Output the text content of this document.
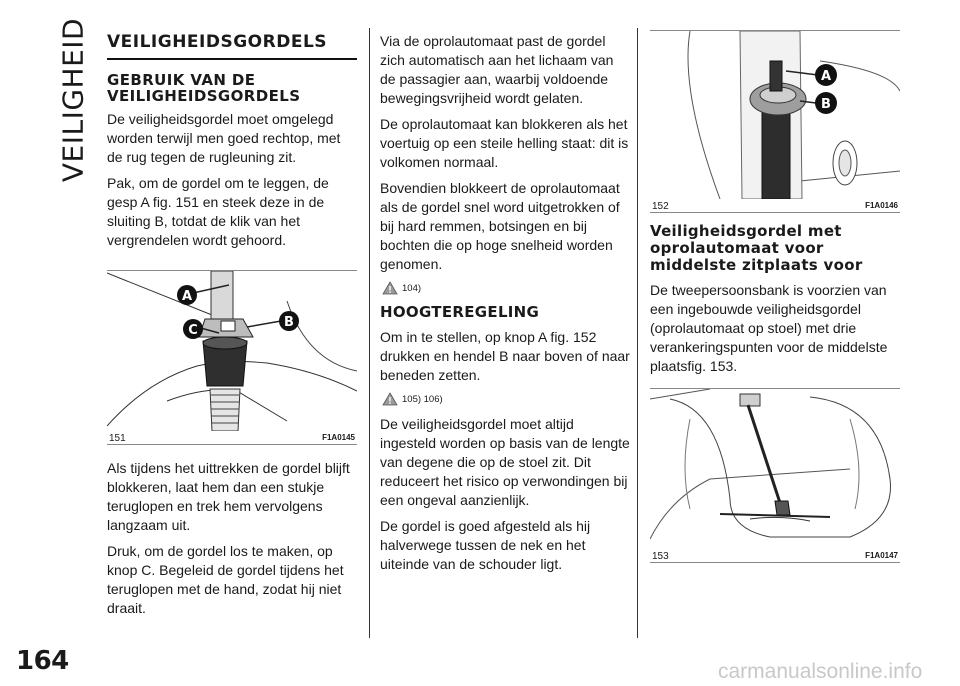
VEILIGHEID
164	carmanualsonline.info
VEILIGHEIDSGORDELS
GEBRUIK VAN DE VEILIGHEIDSGORDELS

De veiligheidsgordel moet omgelegd worden terwijl men goed rechtop, met de rug tegen de rugleuning zit.

Pak, om de gordel om te leggen, de gesp A fig. 151 en steek deze in de sluiting B, totdat de klik van het vergrendelen wordt gehoord.

A
B
C
151	F1A0145

Als tijdens het uittrekken de gordel blijft blokkeren, laat hem dan een stukje teruglopen en trek hem vervolgens langzaam uit.

Druk, om de gordel los te maken, op knop C. Begeleid de gordel tijdens het teruglopen met de hand, zodat hij niet draait.

Via de oprolautomaat past de gordel zich automatisch aan het lichaam van de passagier aan, waarbij voldoende bewegingsvrijheid wordt gelaten.

De oprolautomaat kan blokkeren als het voertuig op een steile helling staat: dit is volkomen normaal.

Bovendien blokkeert de oprolautomaat als de gordel snel word uitgetrokken of bij hard remmen, botsingen en bij bochten die op hoge snelheid worden genomen.

104)
HOOGTEREGELING

Om in te stellen, op knop A fig. 152 drukken en hendel B naar boven of naar beneden zetten.

105) 106)

De veiligheidsgordel moet altijd ingesteld worden op basis van de lengte van degene die op de stoel zit. Dit reduceert het risico op verwondingen bij een ongeval aanzienlijk.

De gordel is goed afgesteld als hij halverwege tussen de nek en het uiteinde van de schouder ligt.

A
B
152	F1A0146
Veiligheidsgordel met oprolautomaat voor middelste zitplaats voor

De tweepersoonsbank is voorzien van een ingebouwde veiligheidsgordel (oprolautomaat op stoel) met drie verankeringspunten voor de middelste plaatsfig. 153.

153	F1A0147
